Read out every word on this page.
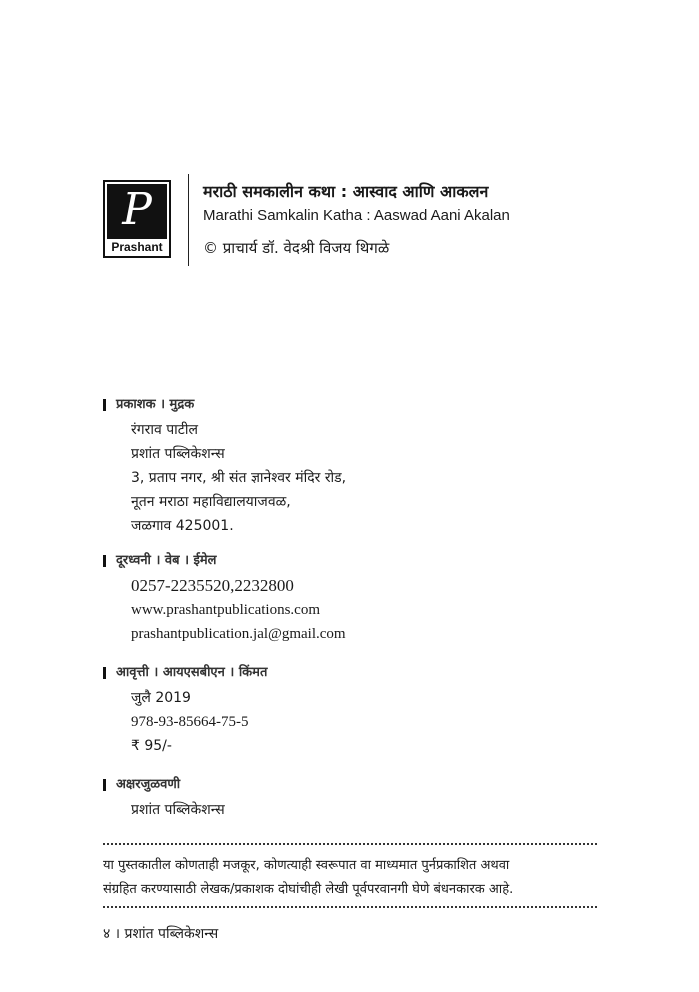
P
Prashant
मराठी समकालीन कथा : आस्वाद आणि आकलन
Marathi Samkalin Katha : Aaswad Aani Akalan
© प्राचार्य डॉ. वेदश्री विजय थिगळे
प्रकाशक । मुद्रक
रंगराव पाटील
प्रशांत पब्लिकेशन्स
3, प्रताप नगर, श्री संत ज्ञानेश्वर मंदिर रोड,
नूतन मराठा महाविद्यालयाजवळ,
जळगाव 425001.
दूरध्वनी । वेब । ईमेल
0257-2235520,2232800
www.prashantpublications.com
prashantpublication.jal@gmail.com
आवृत्ती । आयएसबीएन । किंमत
जुलै 2019
978-93-85664-75-5
₹ 95/-
अक्षरजुळवणी
प्रशांत पब्लिकेशन्स
या पुस्तकातील कोणताही मजकूर, कोणत्याही स्वरूपात वा माध्यमात पुर्नप्रकाशित अथवा
संग्रहित करण्यासाठी लेखक/प्रकाशक दोघांचीही लेखी पूर्वपरवानगी घेणे बंधनकारक आहे.
४ । प्रशांत पब्लिकेशन्स
